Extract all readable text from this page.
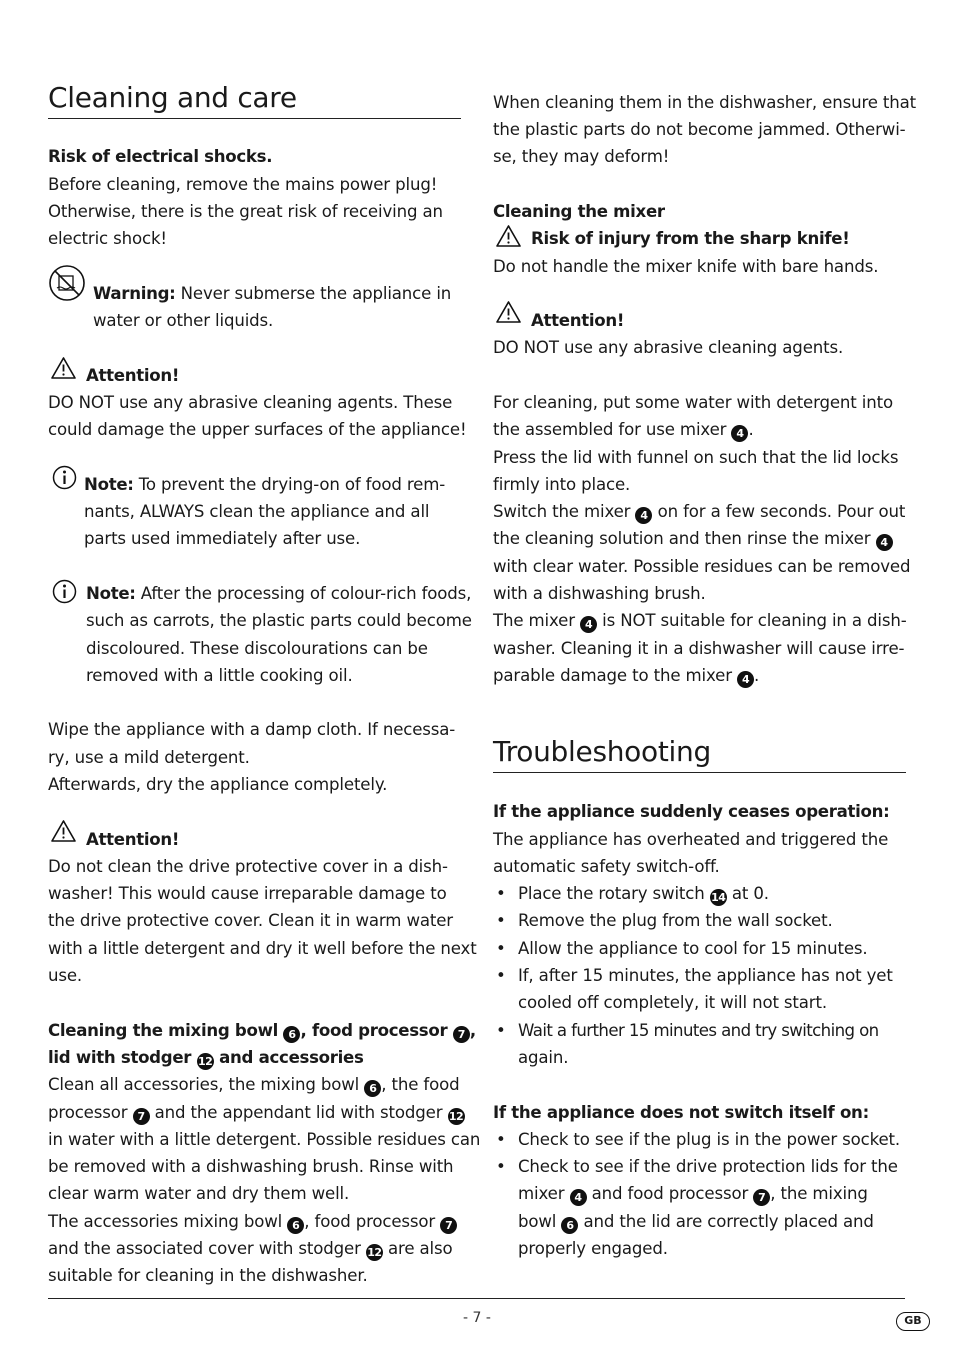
Cleaning and care
Risk of electrical shocks.
Before cleaning, remove the mains power plug!
Otherwise, there is the great risk of receiving an
electric shock!
Warning: Never submerse the appliance in
water or other liquids.
Attention!
DO NOT use any abrasive cleaning agents. These
could damage the upper surfaces of the appliance!
Note: To prevent the drying-on of food rem-
nants, ALWAYS clean the appliance and all
parts used immediately after use.
Note: After the processing of colour-rich foods,
such as carrots, the plastic parts could become
discoloured. These discolourations can be
removed with a little cooking oil.
Wipe the appliance with a damp cloth. If necessa-
ry, use a mild detergent.
Afterwards, dry the appliance completely.
Attention!
Do not clean the drive protective cover in a dish-
washer! This would cause irreparable damage to
the drive protective cover. Clean it in warm water
with a little detergent and dry it well before the next
use.
Cleaning the mixing bowl 6 , food processor 7 ,
lid with stodger 12 and accessories
Clean all accessories, the mixing bowl 6 , the food
processor 7 and the appendant lid with stodger 12
in water with a little detergent. Possible residues can
be removed with a dishwashing brush. Rinse with
clear warm water and dry them well.
The accessories mixing bowl 6 , food processor 7
and the associated cover with stodger 12 are also
suitable for cleaning in the dishwasher.
When cleaning them in the dishwasher, ensure that
the plastic parts do not become jammed. Otherwi-
se, they may deform!
Cleaning the mixer
Risk of injury from the sharp knife!
Do not handle the mixer knife with bare hands.
Attention!
DO NOT use any abrasive cleaning agents.
For cleaning, put some water with detergent into
the assembled for use mixer 4 .
Press the lid with funnel on such that the lid locks
firmly into place.
Switch the mixer 4 on for a few seconds. Pour out
the cleaning solution and then rinse the mixer 4
with clear water. Possible residues can be removed
with a dishwashing brush.
The mixer 4 is NOT suitable for cleaning in a dish-
washer. Cleaning it in a dishwasher will cause irre-
parable damage to the mixer 4 .
Troubleshooting
If the appliance suddenly ceases operation:
The appliance has overheated and triggered the
automatic safety switch-off.
• Place the rotary switch 14 at 0.
• Remove the plug from the wall socket.
• Allow the appliance to cool for 15 minutes.
• If, after 15 minutes, the appliance has not yet
cooled off completely, it will not start.
• Wait a further 15 minutes and try switching on
again.
If the appliance does not switch itself on:
• Check to see if the plug is in the power socket.
• Check to see if the drive protection lids for the
mixer 4 and food processor 7 , the mixing
bowl 6 and the lid are correctly placed and
properly engaged.
- 7 -	GB
